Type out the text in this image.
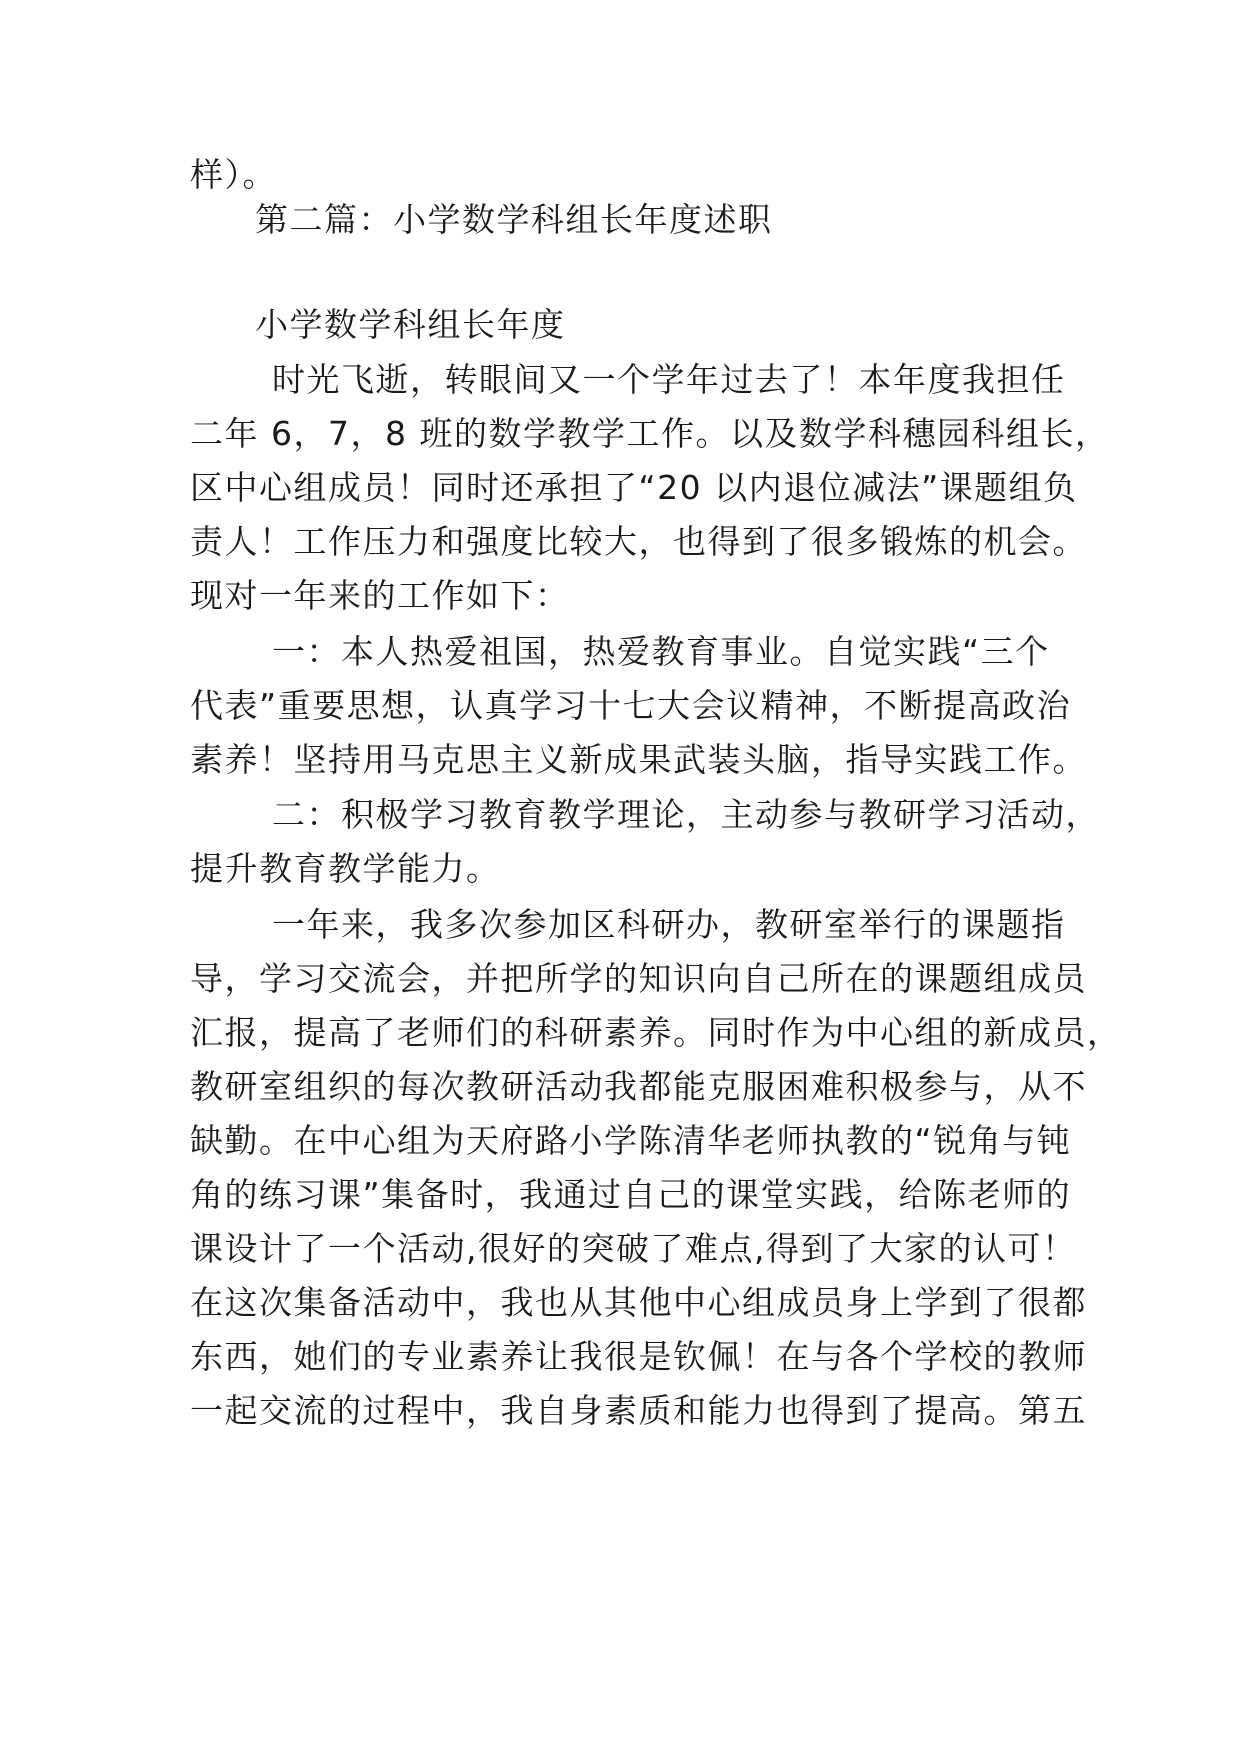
样）。
第二篇：小学数学科组长年度述职
小学数学科组长年度
时光飞逝，转眼间又一个学年过去了！本年度我担任
二年 6，7，8 班的数学教学工作。以及数学科穗园科组长，
区中心组成员！同时还承担了“20 以内退位减法”课题组负
责人！工作压力和强度比较大，也得到了很多锻炼的机会。
现对一年来的工作如下：
一：本人热爱祖国，热爱教育事业。自觉实践“三个
代表”重要思想，认真学习十七大会议精神，不断提高政治
素养！坚持用马克思主义新成果武装头脑，指导实践工作。
二：积极学习教育教学理论，主动参与教研学习活动，
提升教育教学能力。
一年来，我多次参加区科研办，教研室举行的课题指
导，学习交流会，并把所学的知识向自己所在的课题组成员
汇报，提高了老师们的科研素养。同时作为中心组的新成员，
教研室组织的每次教研活动我都能克服困难积极参与，从不
缺勤。在中心组为天府路小学陈清华老师执教的“锐角与钝
角的练习课”集备时，我通过自己的课堂实践，给陈老师的
课设计了一个活动,很好的突破了难点,得到了大家的认可！
在这次集备活动中，我也从其他中心组成员身上学到了很都
东西，她们的专业素养让我很是钦佩！在与各个学校的教师
一起交流的过程中，我自身素质和能力也得到了提高。第五
